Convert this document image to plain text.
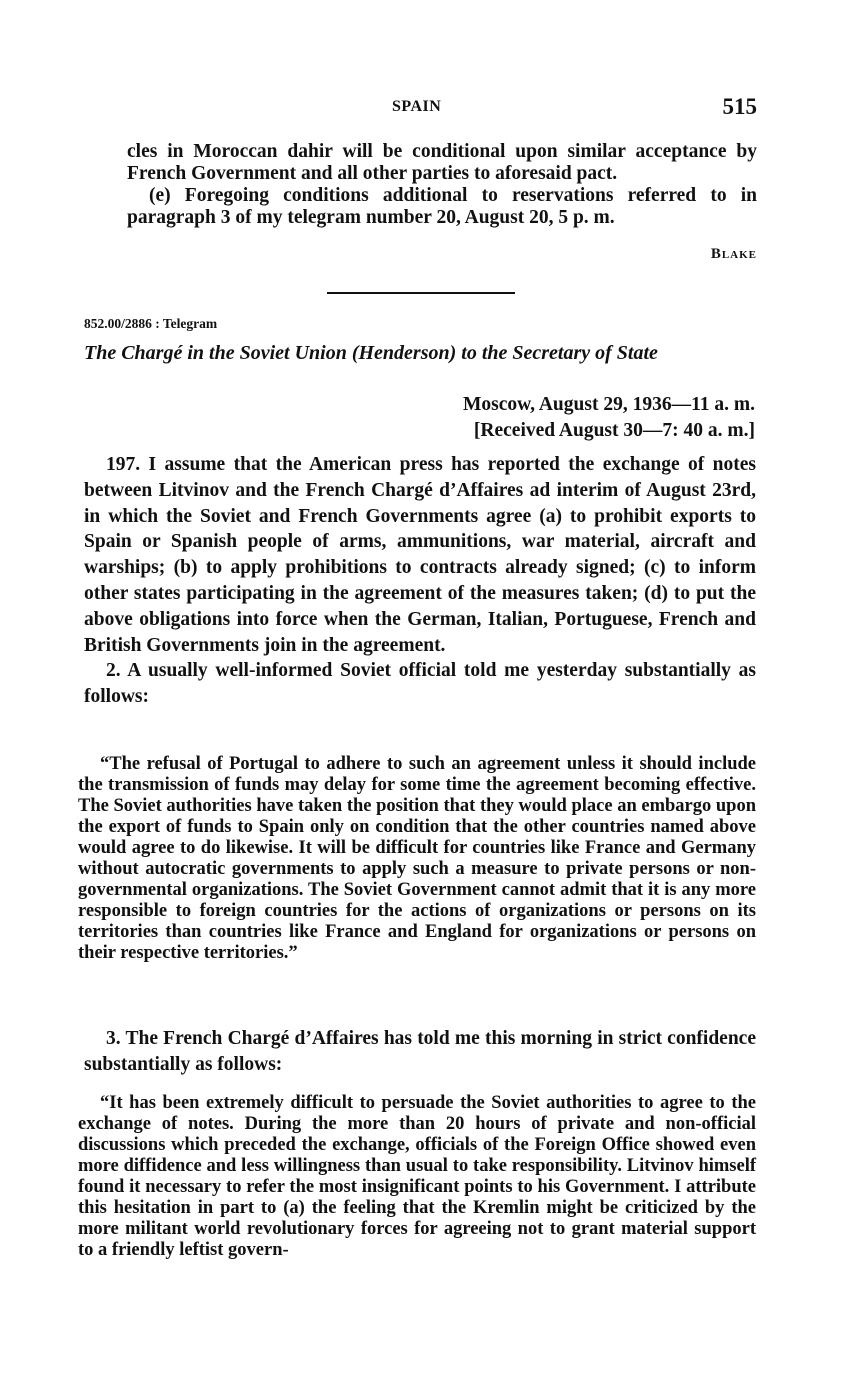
SPAIN	515

cles in Moroccan dahir will be conditional upon similar acceptance by French Government and all other parties to aforesaid pact.

(e) Foregoing conditions additional to reservations referred to in paragraph 3 of my telegram number 20, August 20, 5 p. m.

Blake
852.00/2886 : Telegram
The Chargé in the Soviet Union (Henderson) to the Secretary of State
Moscow, August 29, 1936—11 a. m.
[Received August 30—7: 40 a. m.]

197. I assume that the American press has reported the exchange of notes between Litvinov and the French Chargé d’Affaires ad interim of August 23rd, in which the Soviet and French Governments agree (a) to prohibit exports to Spain or Spanish people of arms, ammunitions, war material, aircraft and warships; (b) to apply prohibitions to contracts already signed; (c) to inform other states participating in the agreement of the measures taken; (d) to put the above obligations into force when the German, Italian, Portuguese, French and British Governments join in the agreement.

2. A usually well-informed Soviet official told me yesterday substantially as follows:

“The refusal of Portugal to adhere to such an agreement unless it should include the transmission of funds may delay for some time the agreement becoming effective. The Soviet authorities have taken the position that they would place an embargo upon the export of funds to Spain only on condition that the other countries named above would agree to do likewise. It will be difficult for countries like France and Germany without autocratic governments to apply such a measure to private persons or non-governmental organizations. The Soviet Government cannot admit that it is any more responsible to foreign countries for the actions of organizations or persons on its territories than countries like France and England for organizations or persons on their respective territories.”

3. The French Chargé d’Affaires has told me this morning in strict confidence substantially as follows:

“It has been extremely difficult to persuade the Soviet authorities to agree to the exchange of notes. During the more than 20 hours of private and non-official discussions which preceded the exchange, officials of the Foreign Office showed even more diffidence and less willingness than usual to take responsibility. Litvinov himself found it necessary to refer the most insignificant points to his Government. I attribute this hesitation in part to (a) the feeling that the Kremlin might be criticized by the more militant world revolutionary forces for agreeing not to grant material support to a friendly leftist govern-
